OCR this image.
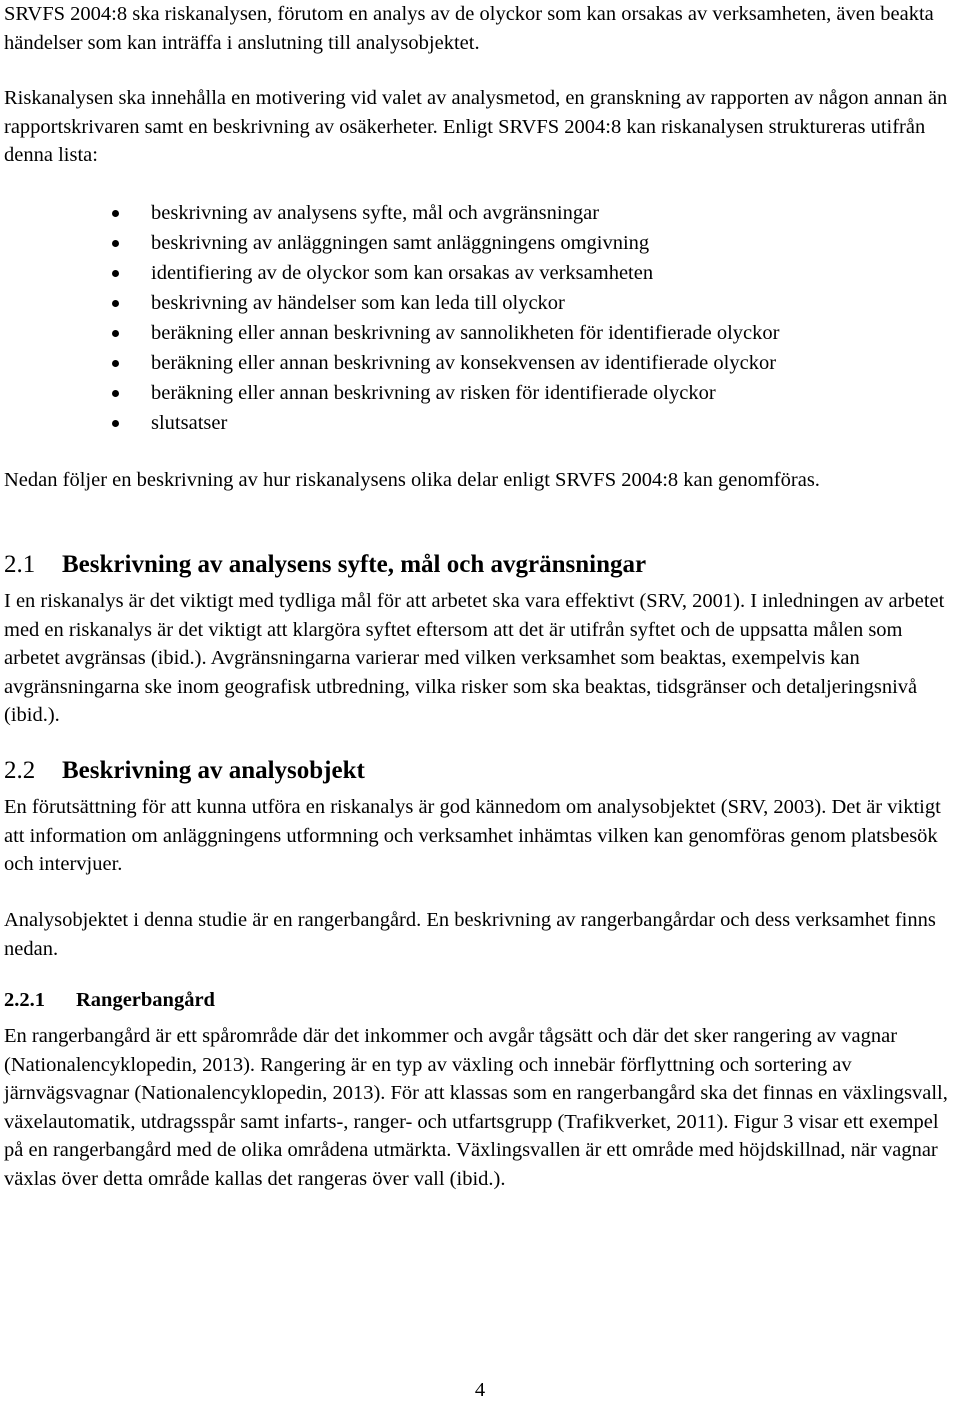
SRVFS 2004:8 ska riskanalysen, förutom en analys av de olyckor som kan orsakas av verksamheten, även beakta händelser som kan inträffa i anslutning till analysobjektet.

Riskanalysen ska innehålla en motivering vid valet av analysmetod, en granskning av rapporten av någon annan än rapportskrivaren samt en beskrivning av osäkerheter. Enligt SRVFS 2004:8 kan riskanalysen struktureras utifrån denna lista:

beskrivning av analysens syfte, mål och avgränsningar
beskrivning av anläggningen samt anläggningens omgivning
identifiering av de olyckor som kan orsakas av verksamheten
beskrivning av händelser som kan leda till olyckor
beräkning eller annan beskrivning av sannolikheten för identifierade olyckor
beräkning eller annan beskrivning av konsekvensen av identifierade olyckor
beräkning eller annan beskrivning av risken för identifierade olyckor
slutsatser

Nedan följer en beskrivning av hur riskanalysens olika delar enligt SRVFS 2004:8 kan genomföras.

2.1 Beskrivning av analysens syfte, mål och avgränsningar

I en riskanalys är det viktigt med tydliga mål för att arbetet ska vara effektivt (SRV, 2001). I inledningen av arbetet med en riskanalys är det viktigt att klargöra syftet eftersom att det är utifrån syftet och de uppsatta målen som arbetet avgränsas (ibid.). Avgränsningarna varierar med vilken verksamhet som beaktas, exempelvis kan avgränsningarna ske inom geografisk utbredning, vilka risker som ska beaktas, tidsgränser och detaljeringsnivå (ibid.).

2.2 Beskrivning av analysobjekt

En förutsättning för att kunna utföra en riskanalys är god kännedom om analysobjektet (SRV, 2003). Det är viktigt att information om anläggningens utformning och verksamhet inhämtas vilken kan genomföras genom platsbesök och intervjuer.

Analysobjektet i denna studie är en rangerbangård. En beskrivning av rangerbangårdar och dess verksamhet finns nedan.

2.2.1 Rangerbangård

En rangerbangård är ett spårområde där det inkommer och avgår tågsätt och där det sker rangering av vagnar (Nationalencyklopedin, 2013). Rangering är en typ av växling och innebär förflyttning och sortering av järnvägsvagnar (Nationalencyklopedin, 2013). För att klassas som en rangerbangård ska det finnas en växlingsvall, växelautomatik, utdragsspår samt infarts-, ranger- och utfartsgrupp (Trafikverket, 2011). Figur 3 visar ett exempel på en rangerbangård med de olika områdena utmärkta. Växlingsvallen är ett område med höjdskillnad, när vagnar växlas över detta område kallas det rangeras över vall (ibid.).

4
